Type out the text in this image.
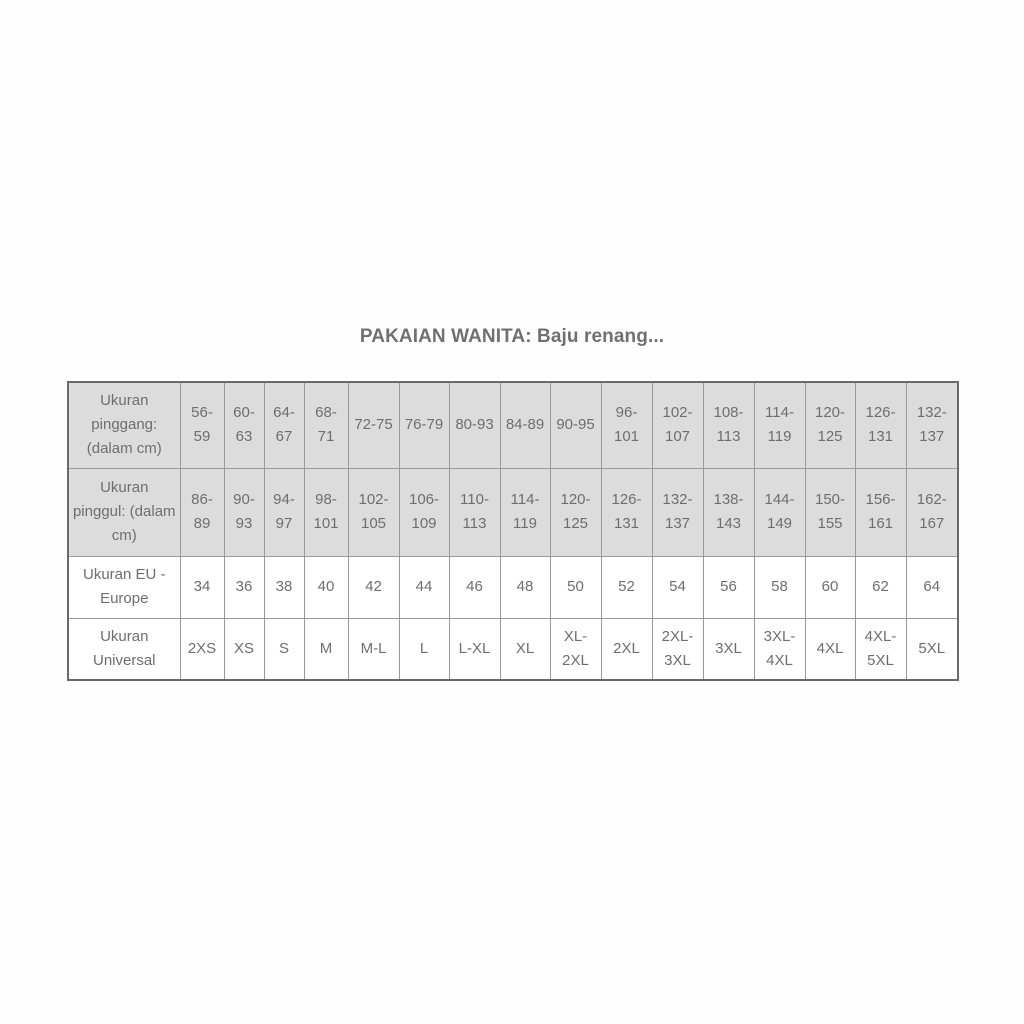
PAKAIAN WANITA: Baju renang...
Ukuran pinggang: (dalam cm)	56-59	60-63	64-67	68-71	72-75	76-79	80-93	84-89	90-95	96-101	102-107	108-113	114-119	120-125	126-131	132-137
Ukuran pinggul: (dalam cm)	86-89	90-93	94-97	98-101	102-105	106-109	110-113	114-119	120-125	126-131	132-137	138-143	144-149	150-155	156-161	162-167
Ukuran EU - Europe	34	36	38	40	42	44	46	48	50	52	54	56	58	60	62	64
Ukuran Universal	2XS	XS	S	M	M-L	L	L-XL	XL	XL-2XL	2XL	2XL-3XL	3XL	3XL-4XL	4XL	4XL-5XL	5XL
